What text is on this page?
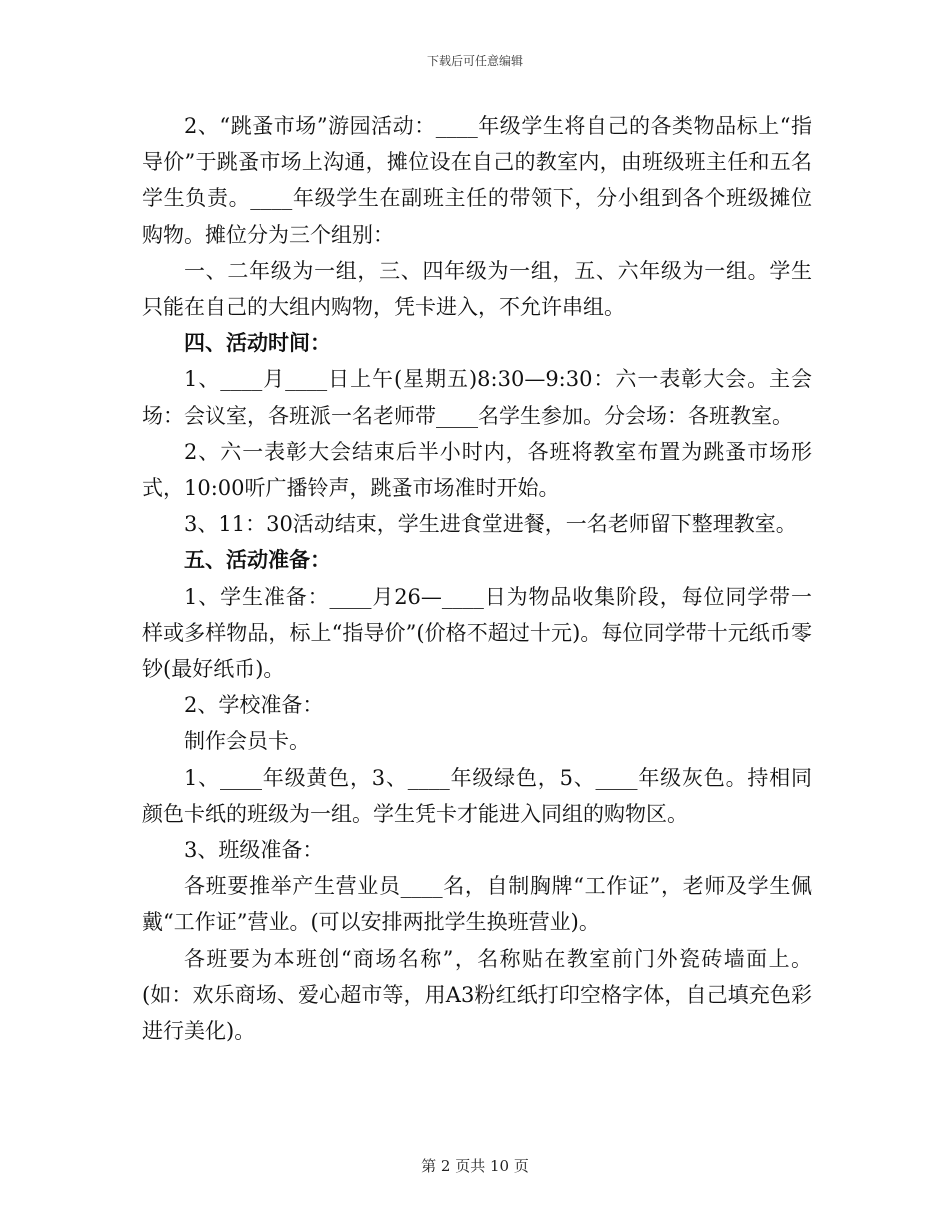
下载后可任意编辑

2、“跳蚤市场”游园活动：____年级学生将自己的各类物品标上“指导价”于跳蚤市场上沟通，摊位设在自己的教室内，由班级班主任和五名学生负责。____年级学生在副班主任的带领下，分小组到各个班级摊位购物。摊位分为三个组别：

一、二年级为一组，三、四年级为一组，五、六年级为一组。学生只能在自己的大组内购物，凭卡进入，不允许串组。

四、活动时间：

1、____月____日上午(星期五)8:30—9:30：六一表彰大会。主会场：会议室，各班派一名老师带____名学生参加。分会场：各班教室。

2、六一表彰大会结束后半小时内，各班将教室布置为跳蚤市场形式，10:00听广播铃声，跳蚤市场准时开始。

3、11：30活动结束，学生进食堂进餐，一名老师留下整理教室。

五、活动准备：

1、学生准备：____月26—____日为物品收集阶段，每位同学带一样或多样物品，标上“指导价”(价格不超过十元)。每位同学带十元纸币零钞(最好纸币)。

2、学校准备：

制作会员卡。

1、____年级黄色，3、____年级绿色，5、____年级灰色。持相同颜色卡纸的班级为一组。学生凭卡才能进入同组的购物区。

3、班级准备：

各班要推举产生营业员____名，自制胸牌“工作证”，老师及学生佩戴“工作证”营业。(可以安排两批学生换班营业)。

各班要为本班创“商场名称”，名称贴在教室前门外瓷砖墙面上。(如：欢乐商场、爱心超市等，用A3粉红纸打印空格字体，自己填充色彩进行美化)。

第 2 页共 10 页
